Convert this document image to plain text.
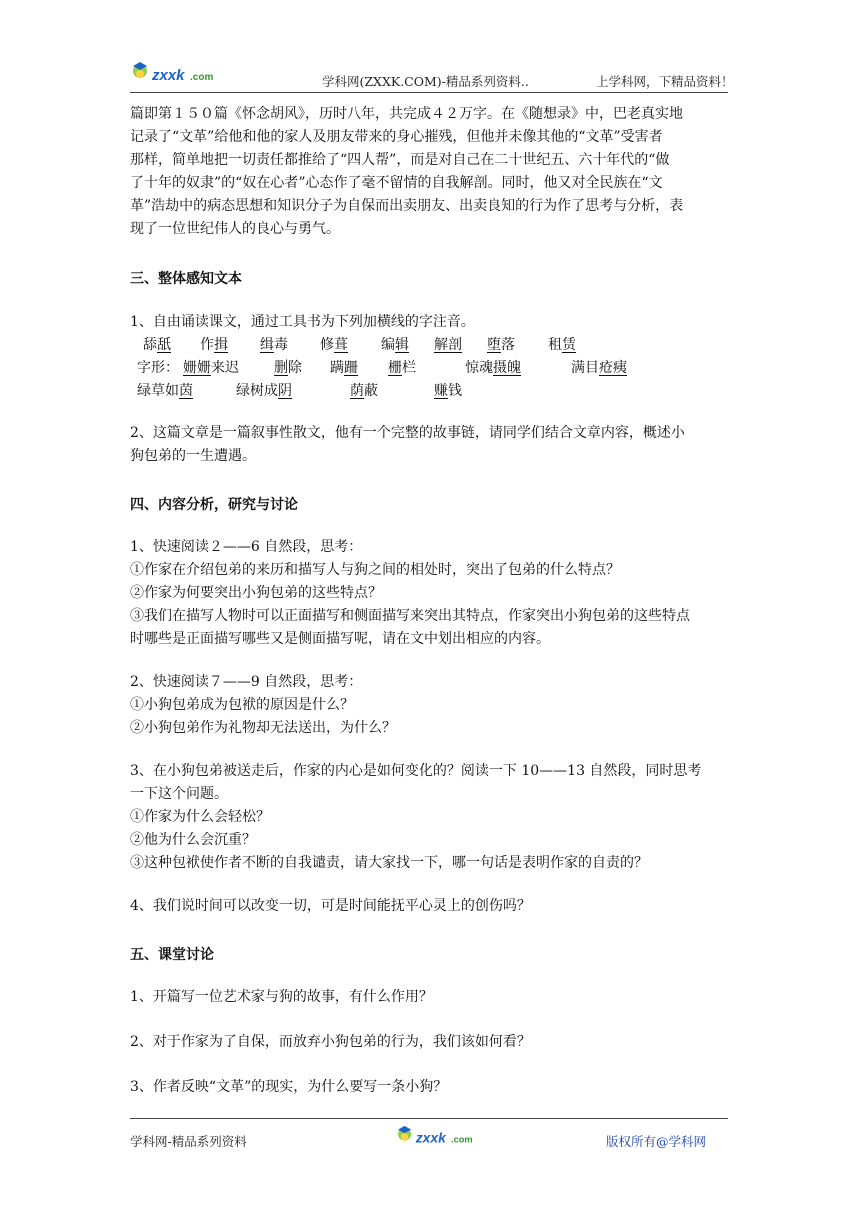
zxxk .com	学科网(ZXXK.COM)-精品系列资料..	上学科网，下精品资料！
篇即第１５０篇《怀念胡风》，历时八年，共完成４２万字。在《随想录》中，巴老真实地
记录了“文革”给他和他的家人及朋友带来的身心摧残，但他并未像其他的“文革”受害者
那样，简单地把一切责任都推给了“四人帮”，而是对自己在二十世纪五、六十年代的“做
了十年的奴隶”的“奴在心者”心态作了毫不留情的自我解剖。同时，他又对全民族在“文
革”浩劫中的病态思想和知识分子为自保而出卖朋友、出卖良知的行为作了思考与分析，表
现了一位世纪伟人的良心与勇气。
三、整体感知文本
1、自由诵读课文，通过工具书为下列加横线的字注音。
舔舐	作揖 缉毒 修葺 编辑 解剖 堕落 租赁
字形： 姗姗来迟	删除 蹒跚 栅栏	惊魂摄魄	满目疮痍
绿草如茵	绿树成阴	荫蔽	赚钱
2、这篇文章是一篇叙事性散文，他有一个完整的故事链，请同学们结合文章内容，概述小
狗包弟的一生遭遇。
四、内容分析，研究与讨论
1、快速阅读２——6 自然段，思考：
①作家在介绍包弟的来历和描写人与狗之间的相处时，突出了包弟的什么特点？
②作家为何要突出小狗包弟的这些特点？
③我们在描写人物时可以正面描写和侧面描写来突出其特点，作家突出小狗包弟的这些特点
时哪些是正面描写哪些又是侧面描写呢，请在文中划出相应的内容。
2、快速阅读７——9 自然段，思考：
①小狗包弟成为包袱的原因是什么？
②小狗包弟作为礼物却无法送出，为什么？
3、在小狗包弟被送走后，作家的内心是如何变化的？阅读一下 10——13 自然段，同时思考
一下这个问题。
①作家为什么会轻松？
②他为什么会沉重？
③这种包袱使作者不断的自我谴责，请大家找一下，哪一句话是表明作家的自责的？
4、我们说时间可以改变一切，可是时间能抚平心灵上的创伤吗？
五、课堂讨论
1、开篇写一位艺术家与狗的故事，有什么作用？
2、对于作家为了自保，而放弃小狗包弟的行为，我们该如何看？
3、作者反映“文革”的现实，为什么要写一条小狗？
学科网-精品系列资料	zxxk .com	版权所有@学科网
